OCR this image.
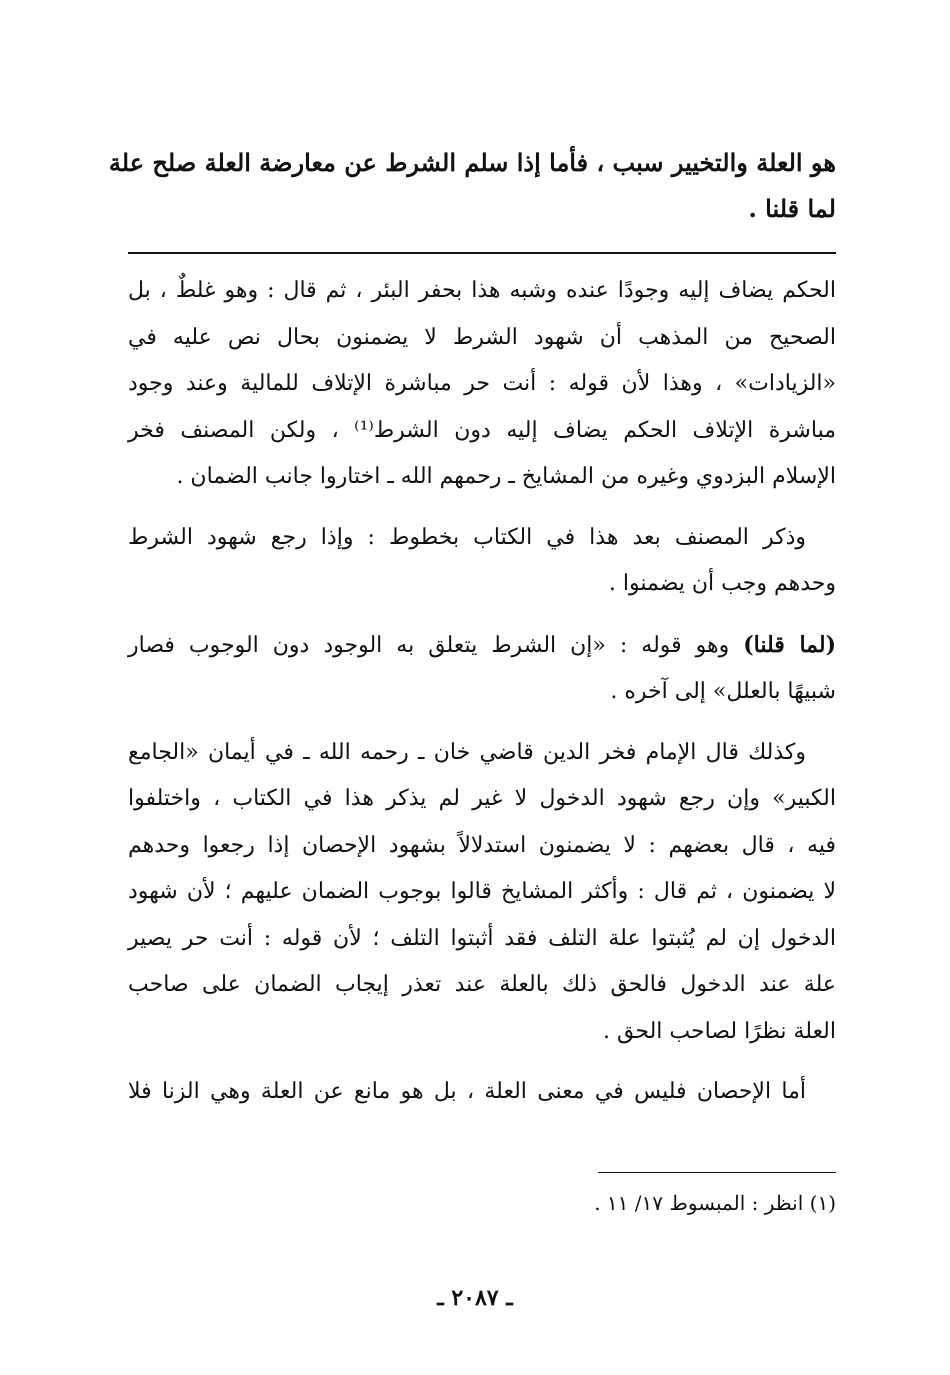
هو العلة والتخيير سبب ، فأما إذا سلم الشرط عن معارضة العلة صلح علة
لما قلنا .
الحكم يضاف إليه وجودًا عنده وشبه هذا بحفر البئر ، ثم قال : وهو غلطٌ ، بل
الصحيح من المذهب أن شهود الشرط لا يضمنون بحال نص عليه في
«الزيادات» ، وهذا لأن قوله : أنت حر مباشرة الإتلاف للمالية وعند وجود
مباشرة الإتلاف الحكم يضاف إليه دون الشرط⁽¹⁾ ، ولكن المصنف فخر
الإسلام البزدوي وغيره من المشايخ ـ رحمهم الله ـ اختاروا جانب الضمان .
وذكر المصنف بعد هذا في الكتاب بخطوط : وإذا رجع شهود الشرط
وحدهم وجب أن يضمنوا .
(لما قلنا) وهو قوله : «إن الشرط يتعلق به الوجود دون الوجوب فصار
شبيهًا بالعلل» إلى آخره .
وكذلك قال الإمام فخر الدين قاضي خان ـ رحمه الله ـ في أيمان «الجامع
الكبير» وإن رجع شهود الدخول لا غير لم يذكر هذا في الكتاب ، واختلفوا
فيه ، قال بعضهم : لا يضمنون استدلالاً بشهود الإحصان إذا رجعوا وحدهم
لا يضمنون ، ثم قال : وأكثر المشايخ قالوا بوجوب الضمان عليهم ؛ لأن شهود
الدخول إن لم يُثبتوا علة التلف فقد أثبتوا التلف ؛ لأن قوله : أنت حر يصير
علة عند الدخول فالحق ذلك بالعلة عند تعذر إيجاب الضمان على صاحب
العلة نظرًا لصاحب الحق .
أما الإحصان فليس في معنى العلة ، بل هو مانع عن العلة وهي الزنا فلا
(١) انظر : المبسوط ١٧/ ١١ .
ـ ٢٠٨٧ ـ
